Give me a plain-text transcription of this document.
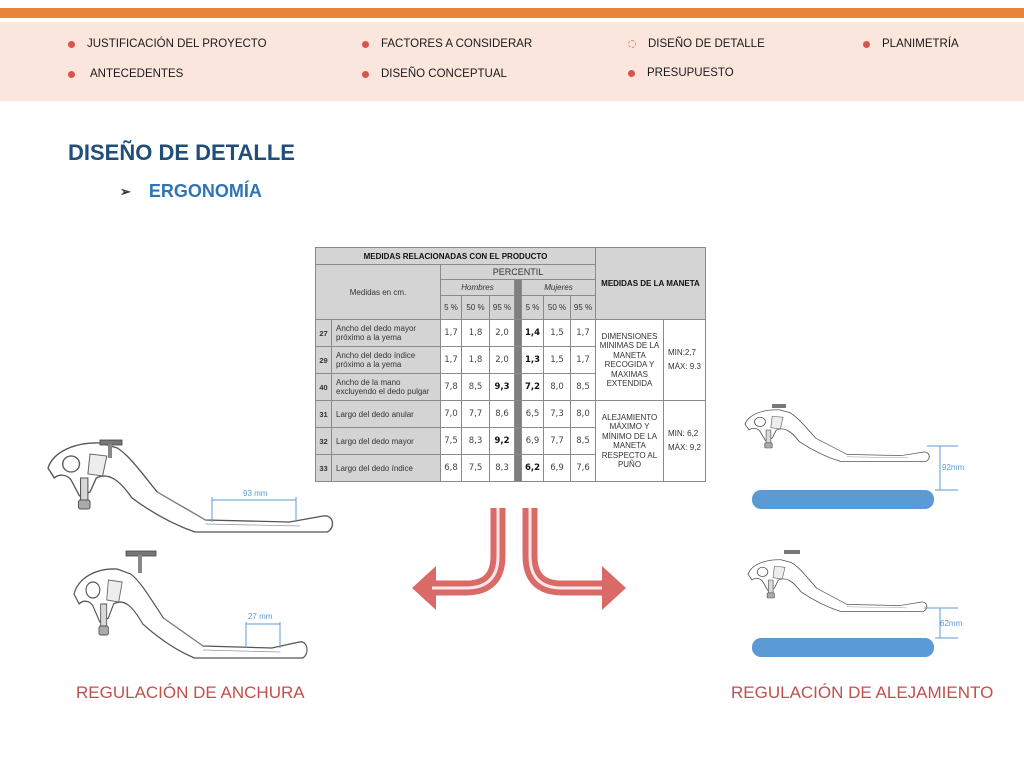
JUSTIFICACIÓN DEL PROYECTO
ANTECEDENTES
FACTORES A CONSIDERAR
DISEÑO CONCEPTUAL
DISEÑO DE DETALLE
PRESUPUESTO
PLANIMETRÍA
DISEÑO DE DETALLE
➢ ERGONOMÍA
MEDIDAS RELACIONADAS CON EL PRODUCTO									MEDIDAS DE LA MANETA	
Medidas en cm.		PERCENTIL								
		Hombres				Mujeres				
		5 %	50 %	95 %		5 %	50 %	95 %		
27	Ancho del dedo mayor próximo a la yema	1,7	1,8	2,0		1,4	1,5	1,7	DIMENSIONES MINIMAS DE LA MANETA RECOGIDA Y MAXIMAS EXTENDIDA	MIN:2,7
MÁX: 9.3
29	Ancho del dedo índice próximo a la yema	1,7	1,8	2,0		1,3	1,5	1,7		
40	Ancho de la mano excluyendo el dedo pulgar	7,8	8,5	9,3		7,2	8,0	8,5		
31	Largo del dedo anular	7,0	7,7	8,6		6,5	7,3	8,0	ALEJAMIENTO MÁXIMO Y MÍNIMO DE LA MANETA RESPECTO AL PUÑO	MIN: 6,2
MÁX: 9,2
32	Largo del dedo mayor	7,5	8,3	9,2		6,9	7,7	8,5		
33	Largo del dedo índice	6,8	7,5	8,3		6,2	6,9	7,6		
93 mm
27 mm
92mm
62mm
REGULACIÓN DE ANCHURA	REGULACIÓN DE ALEJAMIENTO
